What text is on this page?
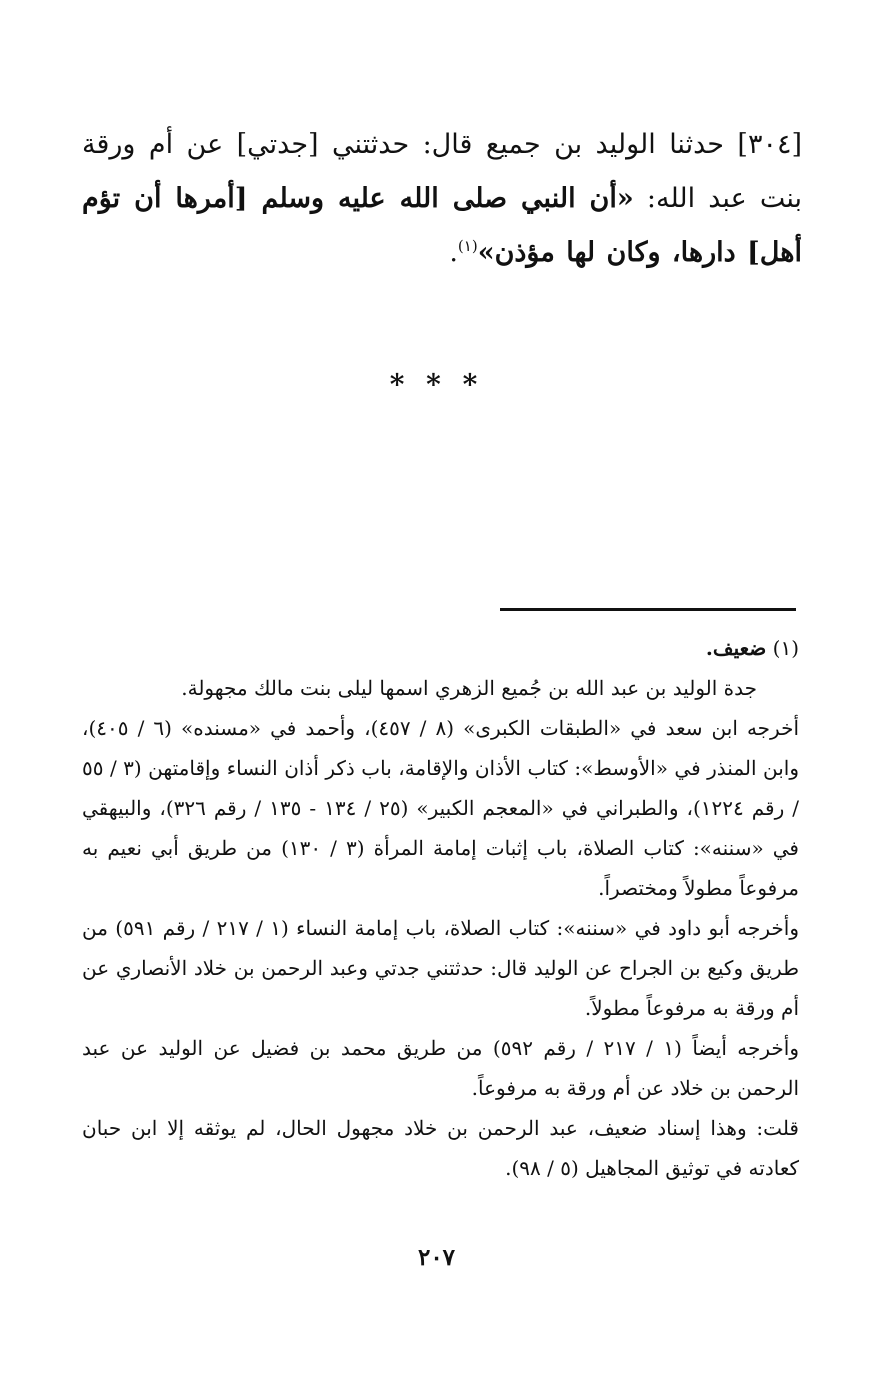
[٣٠٤] حدثنا الوليد بن جميع قال: حدثتني [جدتي] عن أم ورقة بنت عبد الله: «أن النبي صلى الله عليه وسلم [أمرها أن تؤم أهل] دارها، وكان لها مؤذن»$^{(١)}$.
* * *

(١) ضعيف.

جدة الوليد بن عبد الله بن جُميع الزهري اسمها ليلى بنت مالك مجهولة.

أخرجه ابن سعد في «الطبقات الكبرى» (٨ / ٤٥٧)، وأحمد في «مسنده» (٦ / ٤٠٥)، وابن المنذر في «الأوسط»: كتاب الأذان والإقامة، باب ذكر أذان النساء وإقامتهن (٣ / ٥٥ / رقم ١٢٢٤)، والطبراني في «المعجم الكبير» (٢٥ / ١٣٤ - ١٣٥ / رقم ٣٢٦)، والبيهقي في «سننه»: كتاب الصلاة، باب إثبات إمامة المرأة (٣ / ١٣٠) من طريق أبي نعيم به مرفوعاً مطولاً ومختصراً.

وأخرجه أبو داود في «سننه»: كتاب الصلاة، باب إمامة النساء (١ / ٢١٧ / رقم ٥٩١) من طريق وكيع بن الجراح عن الوليد قال: حدثتني جدتي وعبد الرحمن بن خلاد الأنصاري عن أم ورقة به مرفوعاً مطولاً.

وأخرجه أيضاً (١ / ٢١٧ / رقم ٥٩٢) من طريق محمد بن فضيل عن الوليد عن عبد الرحمن بن خلاد عن أم ورقة به مرفوعاً.

قلت: وهذا إسناد ضعيف، عبد الرحمن بن خلاد مجهول الحال، لم يوثقه إلا ابن حبان كعادته في توثيق المجاهيل (٥ / ٩٨).

٢٠٧
